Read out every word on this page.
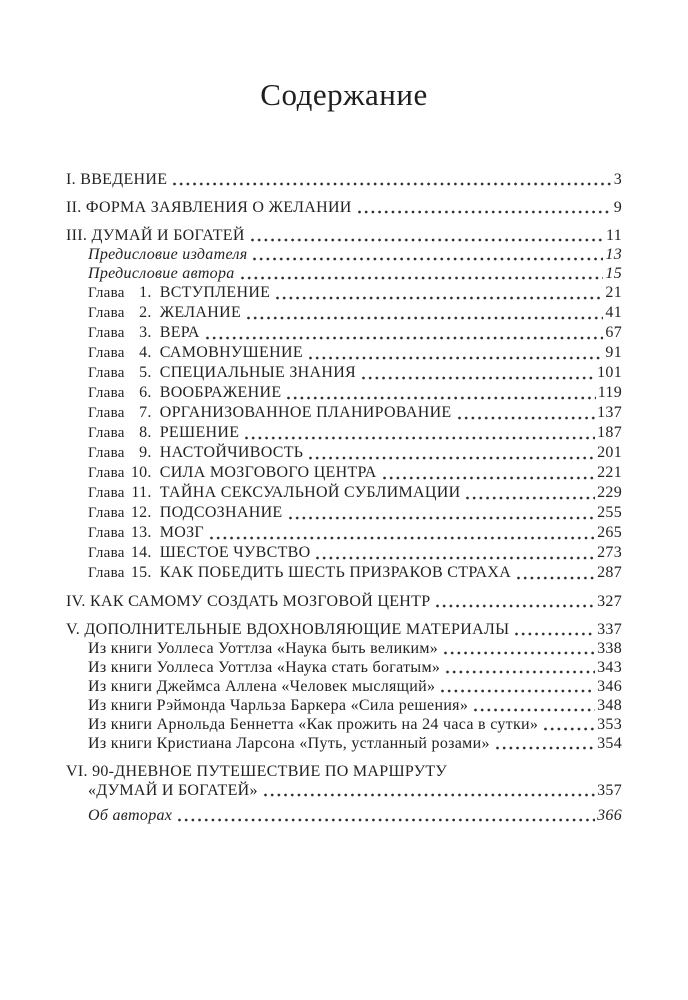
Содержание
I. ВВЕДЕНИЕ	3
II. ФОРМА ЗАЯВЛЕНИЯ О ЖЕЛАНИИ	9
III. ДУМАЙ И БОГАТЕЙ	11
Предисловие издателя	13
Предисловие автора	15
Глава 1. ВСТУПЛЕНИЕ	21
Глава 2. ЖЕЛАНИЕ	41
Глава 3. ВЕРА	67
Глава 4. САМОВНУШЕНИЕ	91
Глава 5. СПЕЦИАЛЬНЫЕ ЗНАНИЯ	101
Глава 6. ВООБРАЖЕНИЕ	119
Глава 7. ОРГАНИЗОВАННОЕ ПЛАНИРОВАНИЕ	137
Глава 8. РЕШЕНИЕ	187
Глава 9. НАСТОЙЧИВОСТЬ	201
Глава 10. СИЛА МОЗГОВОГО ЦЕНТРА	221
Глава 11. ТАЙНА СЕКСУАЛЬНОЙ СУБЛИМАЦИИ	229
Глава 12. ПОДСОЗНАНИЕ	255
Глава 13. МОЗГ	265
Глава 14. ШЕСТОЕ ЧУВСТВО	273
Глава 15. КАК ПОБЕДИТЬ ШЕСТЬ ПРИЗРАКОВ СТРАХА	287
IV. КАК САМОМУ СОЗДАТЬ МОЗГОВОЙ ЦЕНТР	327
V. ДОПОЛНИТЕЛЬНЫЕ ВДОХНОВЛЯЮЩИЕ МАТЕРИАЛЫ	337
Из книги Уоллеса Уоттлза «Наука быть великим»	338
Из книги Уоллеса Уоттлза «Наука стать богатым»	343
Из книги Джеймса Аллена «Человек мыслящий»	346
Из книги Рэймонда Чарльза Баркера «Сила решения»	348
Из книги Арнольда Беннетта «Как прожить на 24 часа в сутки»	353
Из книги Кристиана Ларсона «Путь, устланный розами»	354
VI. 90-ДНЕВНОЕ ПУТЕШЕСТВИЕ ПО МАРШРУТУ
«ДУМАЙ И БОГАТЕЙ»	357
Об авторах	366
